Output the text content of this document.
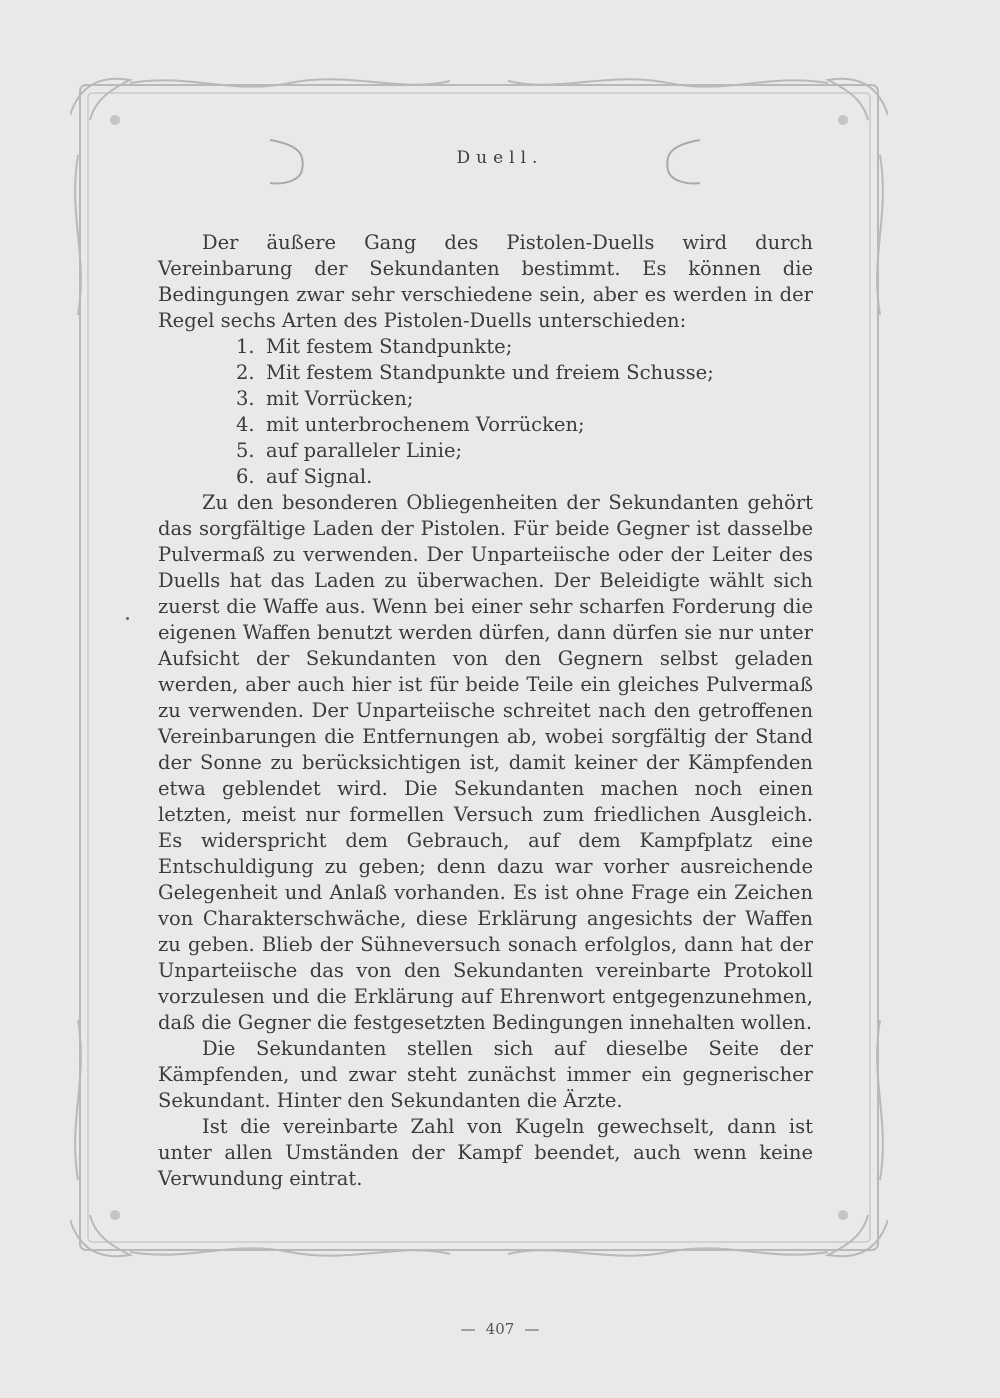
Duell.

Der äußere Gang des Pistolen-Duells wird durch Vereinbarung der Sekundanten bestimmt. Es können die Bedingungen zwar sehr verschiedene sein, aber es werden in der Regel sechs Arten des Pistolen-Duells unterschieden:

1. Mit festem Standpunkte;
2. Mit festem Standpunkte und freiem Schusse;
3. mit Vorrücken;
4. mit unterbrochenem Vorrücken;
5. auf paralleler Linie;
6. auf Signal.

Zu den besonderen Obliegenheiten der Sekundanten gehört das sorgfältige Laden der Pistolen. Für beide Gegner ist dasselbe Pulvermaß zu verwenden. Der Unparteiische oder der Leiter des Duells hat das Laden zu überwachen. Der Beleidigte wählt sich zuerst die Waffe aus. Wenn bei einer sehr scharfen Forderung die eigenen Waffen benutzt werden dürfen, dann dürfen sie nur unter Aufsicht der Sekundanten von den Gegnern selbst geladen werden, aber auch hier ist für beide Teile ein gleiches Pulvermaß zu verwenden. Der Unparteiische schreitet nach den getroffenen Vereinbarungen die Entfernungen ab, wobei sorgfältig der Stand der Sonne zu berücksichtigen ist, damit keiner der Kämpfenden etwa geblendet wird. Die Sekundanten machen noch einen letzten, meist nur formellen Versuch zum friedlichen Ausgleich. Es widerspricht dem Gebrauch, auf dem Kampfplatz eine Entschuldigung zu geben; denn dazu war vorher ausreichende Gelegenheit und Anlaß vorhanden. Es ist ohne Frage ein Zeichen von Charakterschwäche, diese Erklärung angesichts der Waffen zu geben. Blieb der Sühneversuch sonach erfolglos, dann hat der Unparteiische das von den Sekundanten vereinbarte Protokoll vorzulesen und die Erklärung auf Ehrenwort entgegenzunehmen, daß die Gegner die festgesetzten Bedingungen innehalten wollen.

Die Sekundanten stellen sich auf dieselbe Seite der Kämpfenden, und zwar steht zunächst immer ein gegnerischer Sekundant. Hinter den Sekundanten die Ärzte.

Ist die vereinbarte Zahl von Kugeln gewechselt, dann ist unter allen Umständen der Kampf beendet, auch wenn keine Verwundung eintrat.

— 407 —
